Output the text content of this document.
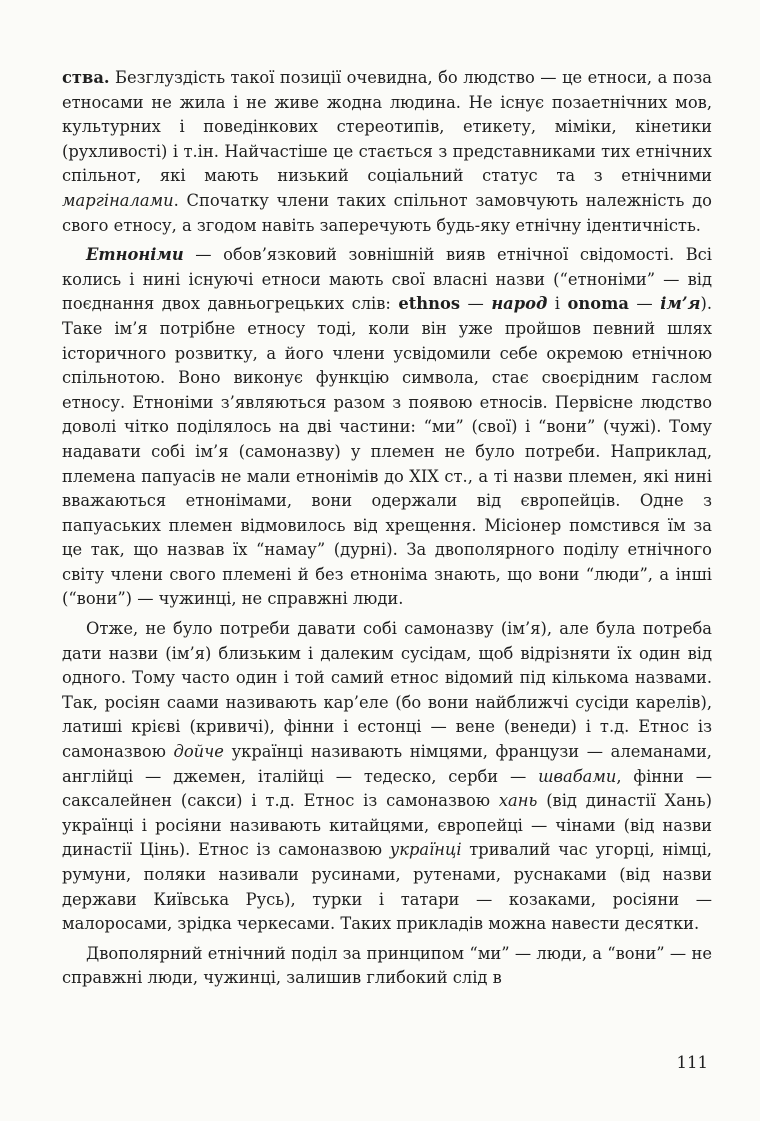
ства. Безглуздість такої позиції очевидна, бо людство — це етноси, а поза етносами не жила і не живе жодна людина. Не існує позаетнічних мов, культурних і поведінкових стереотипів, етикету, міміки, кінетики (рухливості) і т.ін. Найчастіше це стається з представниками тих етнічних спільнот, які мають низький соціальний статус та з етнічними маргіналами. Спочатку члени таких спільнот замовчують належність до свого етносу, а згодом навіть заперечують будь-яку етнічну ідентичність.

Етноніми — обов’язковий зовнішній вияв етнічної свідомості. Всі колись і нині існуючі етноси мають свої власні назви (“етноніми” — від поєднання двох давньогрецьких слів: ethnos — народ і onoma — ім’я). Таке ім’я потрібне етносу тоді, коли він уже пройшов певний шлях історичного розвитку, а його члени усвідомили себе окремою етнічною спільнотою. Воно виконує функцію символа, стає своєрідним гаслом етносу. Етноніми з’являються разом з появою етносів. Первісне людство доволі чітко поділялось на дві частини: “ми” (свої) і “вони” (чужі). Тому надавати собі ім’я (самоназву) у племен не було потреби. Наприклад, племена папуасів не мали етнонімів до XIX ст., а ті назви племен, які нині вважаються етнонімами, вони одержали від європейців. Одне з папуаських племен відмовилось від хрещення. Місіонер помстився їм за це так, що назвав їх “намау” (дурні). За двополярного поділу етнічного світу члени свого племені й без етноніма знають, що вони “люди”, а інші (“вони”) — чужинці, не справжні люди.

Отже, не було потреби давати собі самоназву (ім’я), але була потреба дати назви (ім’я) близьким і далеким сусідам, щоб відрізняти їх один від одного. Тому часто один і той самий етнос відомий під кількома назвами. Так, росіян саами називають кар’еле (бо вони найближчі сусіди карелів), латиші крієві (кривичі), фінни і естонці — вене (венеди) і т.д. Етнос із самоназвою дойче українці називають німцями, французи — алеманами, англійці — джемен, італійці — тедеско, серби — швабами, фінни — саксалейнен (сакси) і т.д. Етнос із самоназвою хань (від династії Хань) українці і росіяни називають китайцями, європейці — чінами (від назви династії Цінь). Етнос із самоназвою українці тривалий час угорці, німці, румуни, поляки називали русинами, рутенами, руснаками (від назви держави Київська Русь), турки і татари — козаками, росіяни — малоросами, зрідка черкесами. Таких прикладів можна навести десятки.

Двополярний етнічний поділ за принципом “ми” — люди, а “вони” — не справжні люди, чужинці, залишив глибокий слід в

111
